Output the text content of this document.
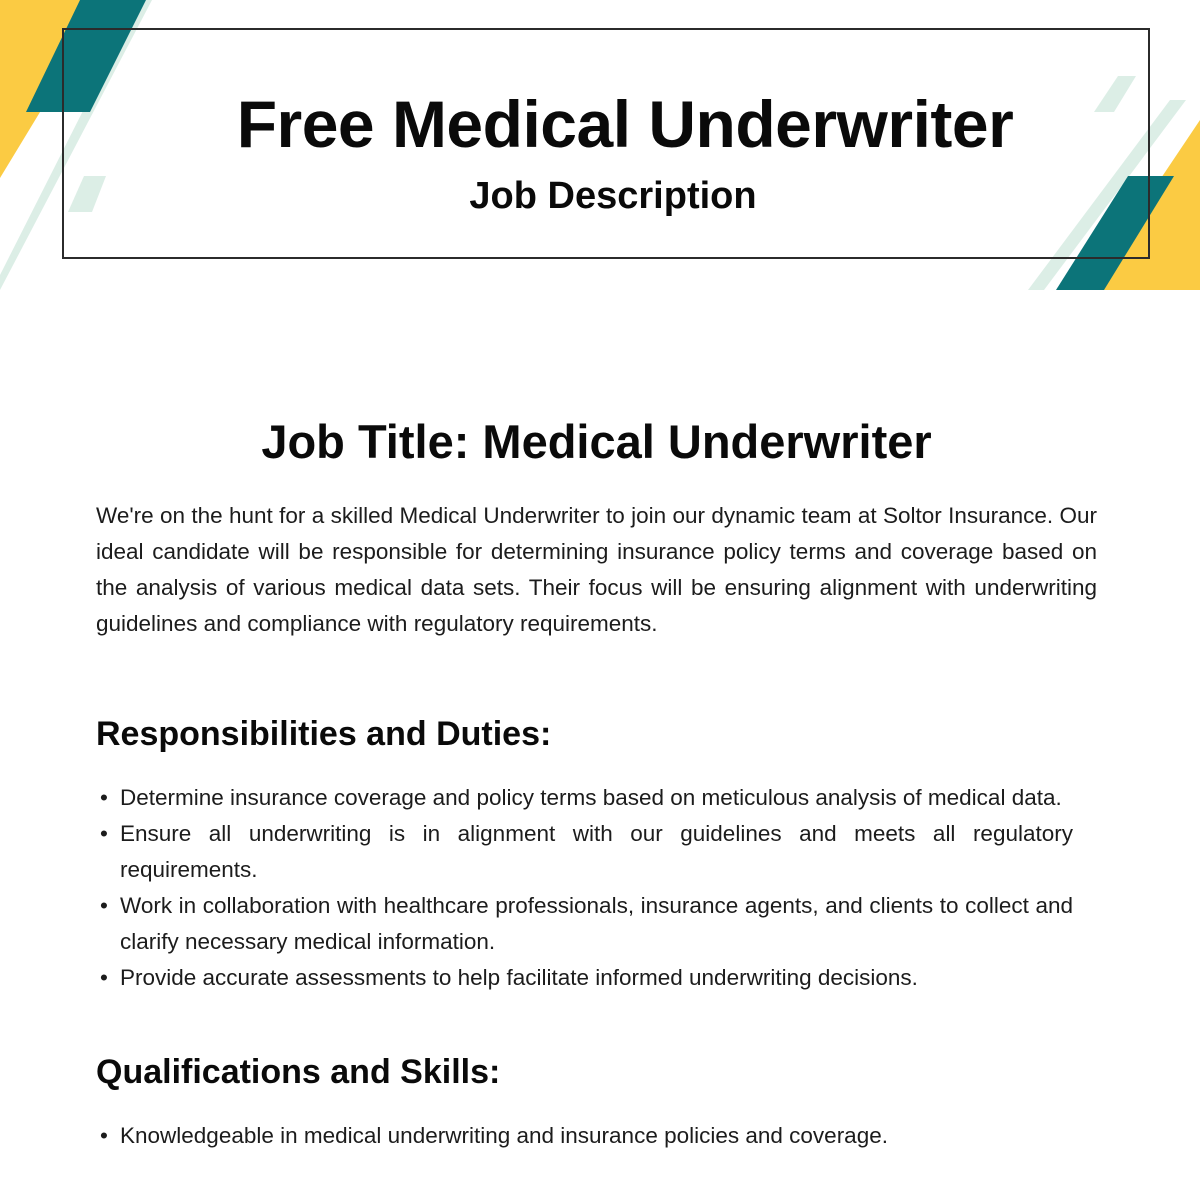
Free Medical Underwriter
Job Description
Job Title: Medical Underwriter

We're on the hunt for a skilled Medical Underwriter to join our dynamic team at Soltor Insurance. Our ideal candidate will be responsible for determining insurance policy terms and coverage based on the analysis of various medical data sets. Their focus will be ensuring alignment with underwriting guidelines and compliance with regulatory requirements.

Responsibilities and Duties:
• Determine insurance coverage and policy terms based on meticulous analysis of medical data.
• Ensure all underwriting is in alignment with our guidelines and meets all regulatory requirements.
• Work in collaboration with healthcare professionals, insurance agents, and clients to collect and clarify necessary medical information.
• Provide accurate assessments to help facilitate informed underwriting decisions.
Qualifications and Skills:
• Knowledgeable in medical underwriting and insurance policies and coverage.
